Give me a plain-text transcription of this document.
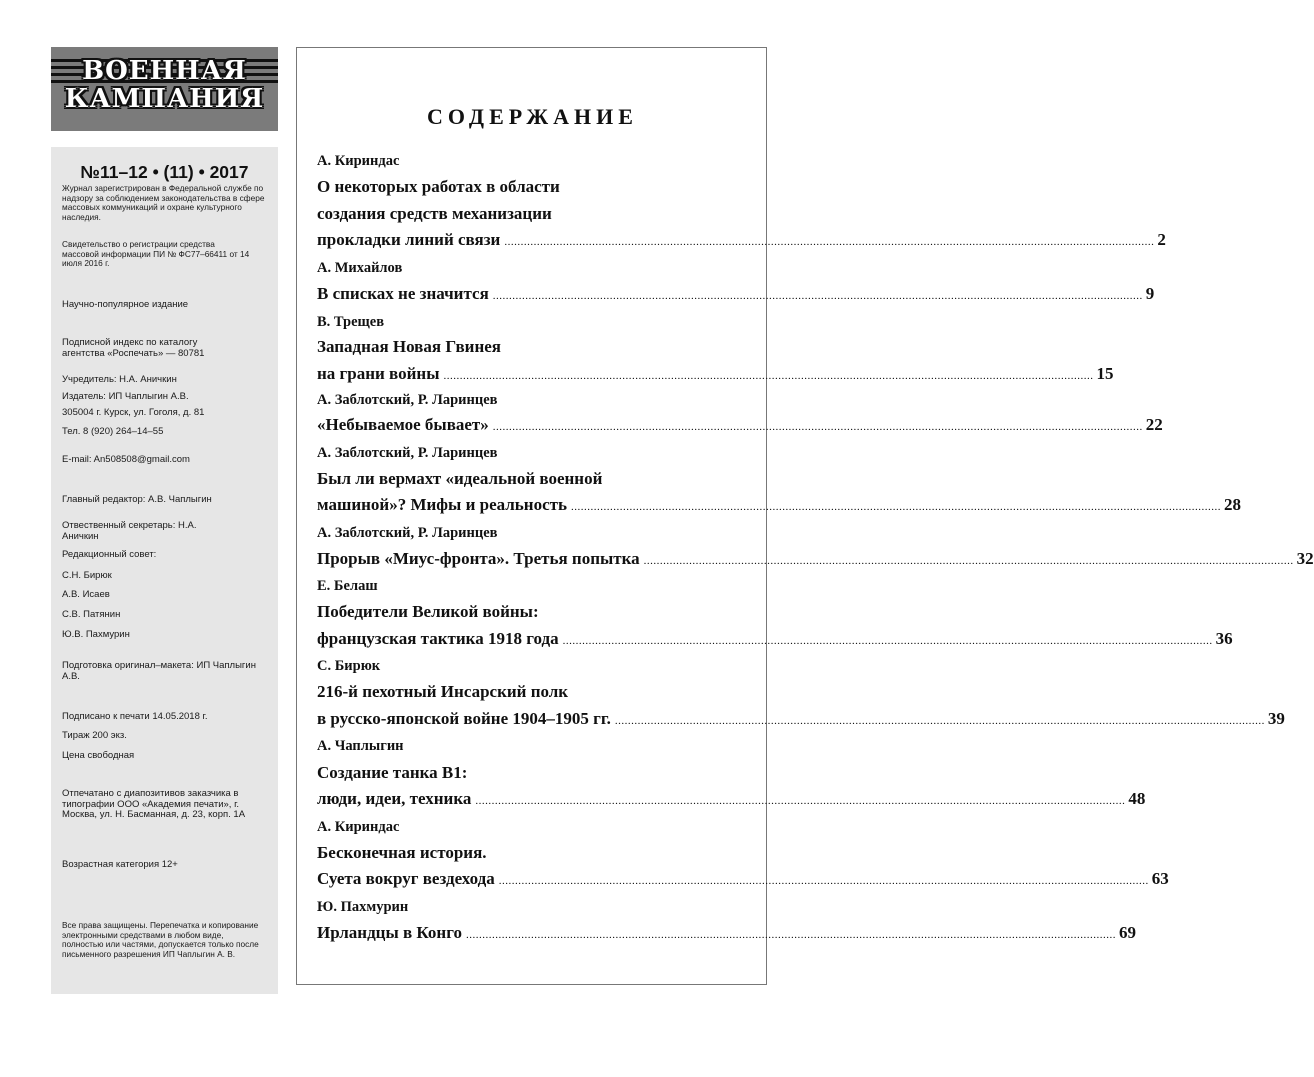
ВОЕННАЯ
КАМПАНИЯ
№11–12 • (11) • 2017
Журнал зарегистрирован в Федеральной службе по надзору за соблюдением законодательства в сфере массовых коммуникаций и охране культурного наследия.
Свидетельство о регистрации средства массовой информации ПИ № ФС77–66411 от 14 июля 2016 г.
Научно-популярное издание
Подписной индекс по каталогу агентства «Роспечать» — 80781
Учредитель: Н.А. Аничкин
Издатель: ИП Чаплыгин А.В.
305004 г. Курск, ул. Гоголя, д. 81
Тел. 8 (920) 264–14–55
E-mail: An508508@gmail.com
Главный редактор: А.В. Чаплыгин
Отвественный секретарь: Н.А. Аничкин
Редакционный совет:
С.Н. Бирюк
А.В. Исаев
С.В. Патянин
Ю.В. Пахмурин
Подготовка оригинал–макета: ИП Чаплыгин А.В.
Подписано к печати 14.05.2018 г.
Тираж 200 экз.
Цена свободная
Отпечатано с диапозитивов заказчика в типографии ООО «Академия печати», г. Москва, ул. Н. Басманная, д. 23, корп. 1А
Возрастная категория 12+
Все права защищены. Перепечатка и копирование электронными средствами в любом виде, полностью или частями, допускается только после письменного разрешения ИП Чаплыгин А. В.
СОДЕРЖАНИЕ
А. Кириндас
О некоторых работах в области
создания средств механизации
прокладки линий связи ........................................................................................................................................................................................................ 2
А. Михайлов
В списках не значится ........................................................................................................................................................................................................ 9
В. Трещев
Западная Новая Гвинея
на грани войны ........................................................................................................................................................................................................ 15
А. Заблотский, Р. Ларинцев
«Небываемое бывает» ........................................................................................................................................................................................................ 22
А. Заблотский, Р. Ларинцев
Был ли вермахт «идеальной военной
машиной»? Мифы и реальность ........................................................................................................................................................................................................ 28
А. Заблотский, Р. Ларинцев
Прорыв «Миус-фронта». Третья попытка ........................................................................................................................................................................................................ 32
Е. Белаш
Победители Великой войны:
французская тактика 1918 года ........................................................................................................................................................................................................ 36
С. Бирюк
216-й пехотный Инсарский полк
в русско-японской войне 1904–1905 гг. ........................................................................................................................................................................................................ 39
А. Чаплыгин
Создание танка В1:
люди, идеи, техника ........................................................................................................................................................................................................ 48
А. Кириндас
Бесконечная история.
Суета вокруг вездехода ........................................................................................................................................................................................................ 63
Ю. Пахмурин
Ирландцы в Конго ........................................................................................................................................................................................................ 69
